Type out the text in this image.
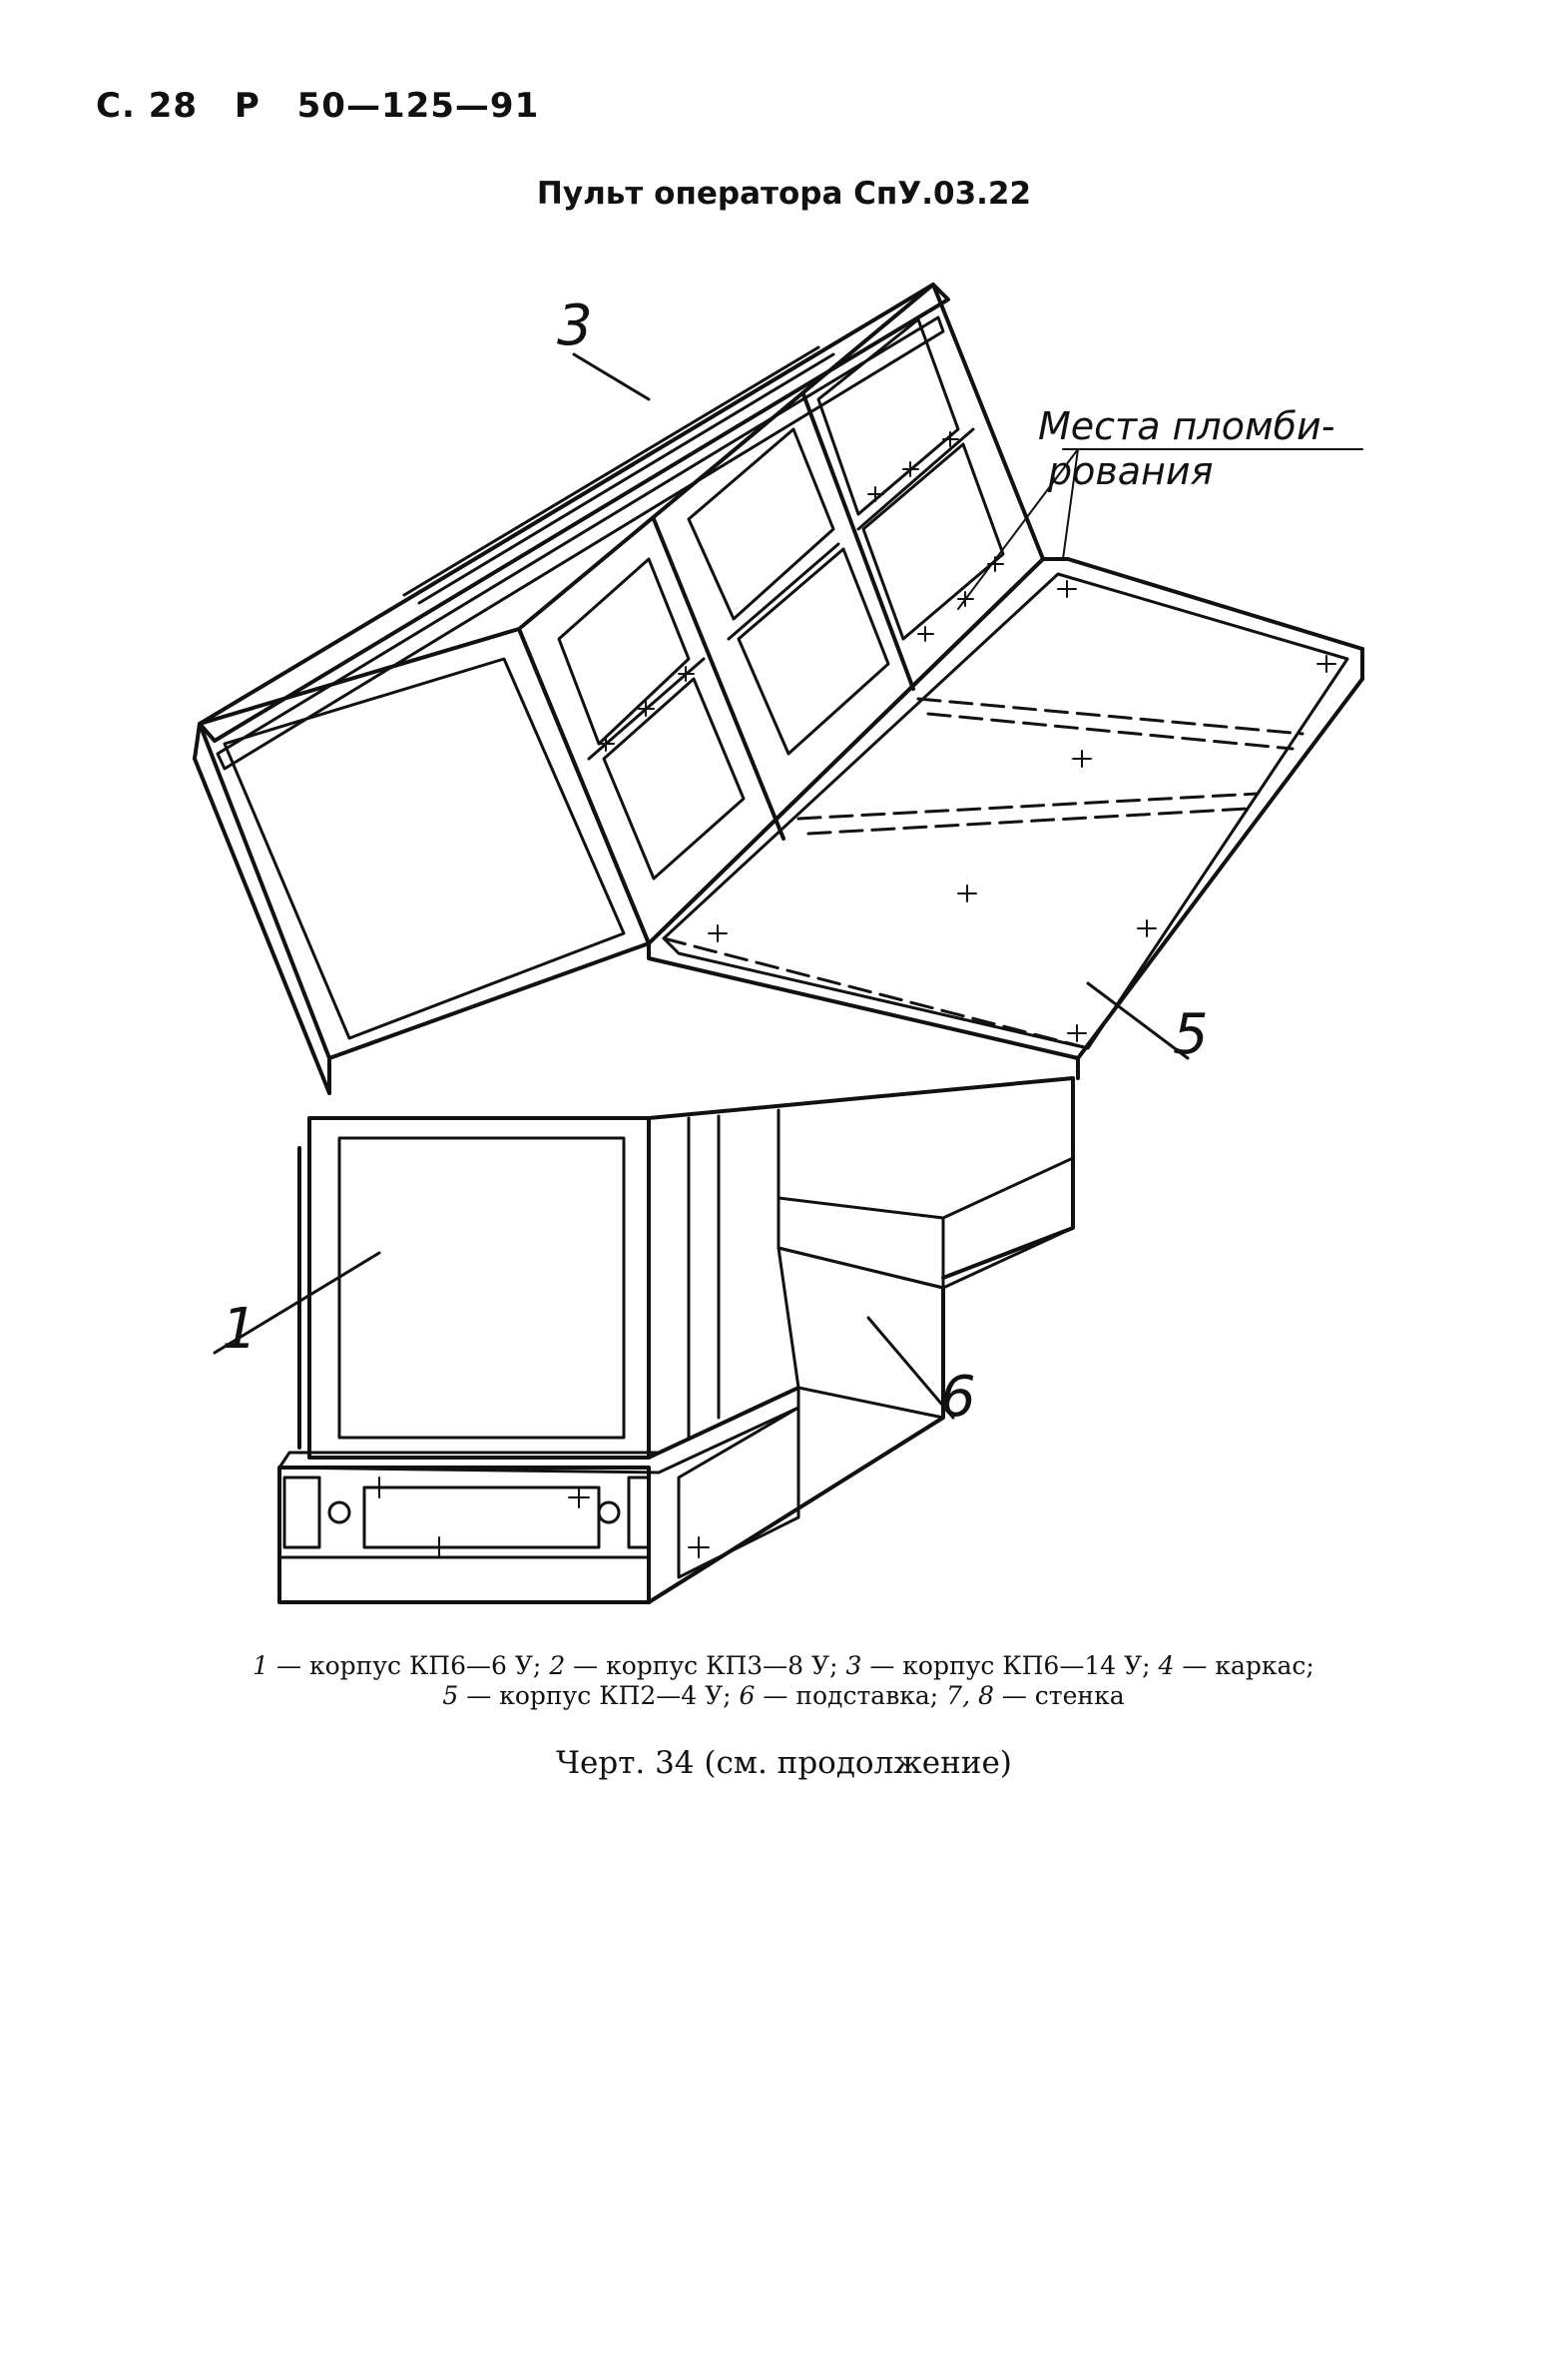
С. 28 Р 50—125—91
Пульт оператора СпУ.03.22
3
5
1
6
Места пломби-
рования
1 — корпус КП6—6 У; 2 — корпус КП3—8 У; 3 — корпус КП6—14 У; 4 — каркас;
5 — корпус КП2—4 У; 6 — подставка; 7, 8 — стенка
Черт. 34 (см. продолжение)
